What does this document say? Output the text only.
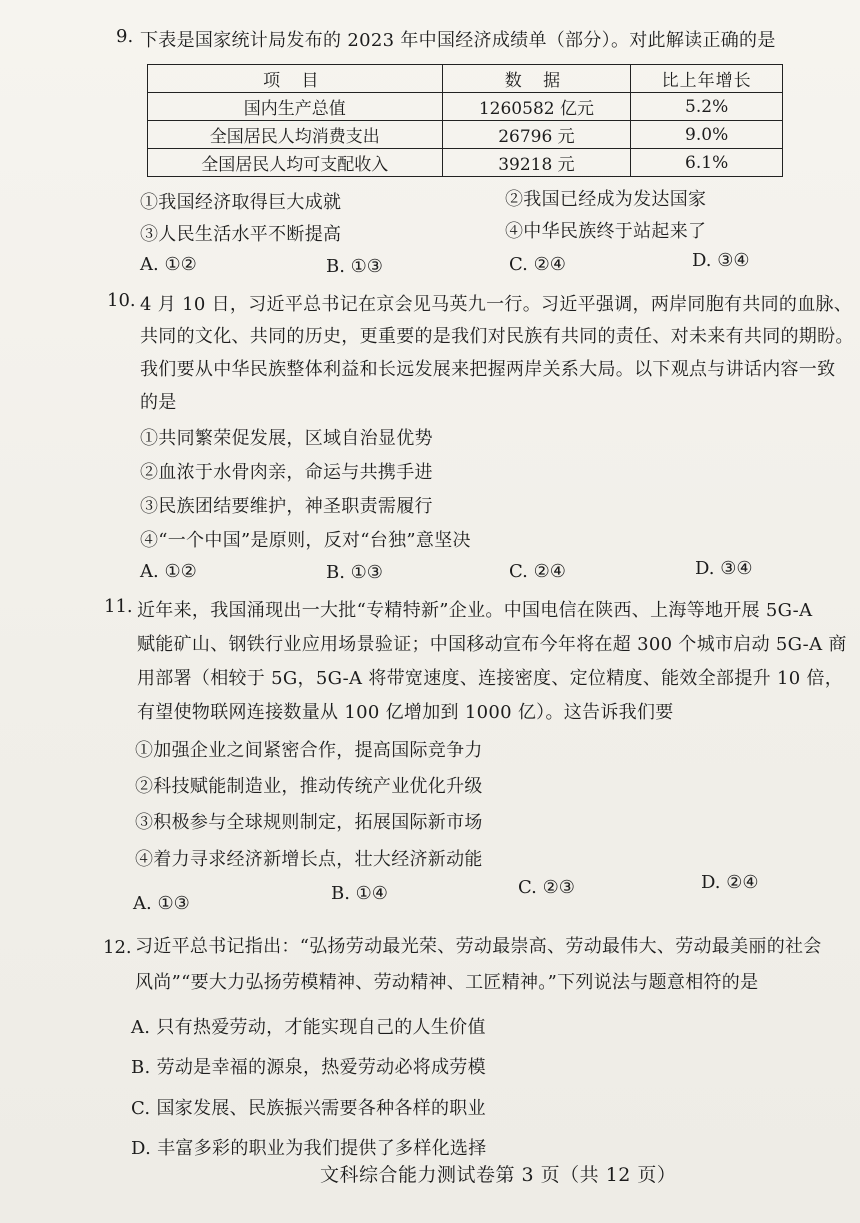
9. 下表是国家统计局发布的 2023 年中国经济成绩单（部分）。对此解读正确的是
项 目	数 据	比上年增长
国内生产总值	1260582 亿元	5.2%
全国居民人均消费支出	26796 元	9.0%
全国居民人均可支配收入	39218 元	6.1%
①我国经济取得巨大成就	②我国已经成为发达国家
③人民生活水平不断提高	④中华民族终于站起来了
A. ①②	B. ①③	C. ②④	D. ③④
10. 4 月 10 日，习近平总书记在京会见马英九一行。习近平强调，两岸同胞有共同的血脉、
共同的文化、共同的历史，更重要的是我们对民族有共同的责任、对未来有共同的期盼。
我们要从中华民族整体利益和长远发展来把握两岸关系大局。以下观点与讲话内容一致
的是
①共同繁荣促发展，区域自治显优势
②血浓于水骨肉亲，命运与共携手进
③民族团结要维护，神圣职责需履行
④“一个中国”是原则，反对“台独”意坚决
A. ①②	B. ①③	C. ②④	D. ③④
11. 近年来，我国涌现出一大批“专精特新”企业。中国电信在陕西、上海等地开展 5G-A
赋能矿山、钢铁行业应用场景验证；中国移动宣布今年将在超 300 个城市启动 5G-A 商
用部署（相较于 5G，5G-A 将带宽速度、连接密度、定位精度、能效全部提升 10 倍，
有望使物联网连接数量从 100 亿增加到 1000 亿）。这告诉我们要
①加强企业之间紧密合作，提高国际竞争力
②科技赋能制造业，推动传统产业优化升级
③积极参与全球规则制定，拓展国际新市场
④着力寻求经济新增长点，壮大经济新动能
A. ①③	B. ①④	C. ②③	D. ②④
12. 习近平总书记指出：“弘扬劳动最光荣、劳动最崇高、劳动最伟大、劳动最美丽的社会
风尚”“要大力弘扬劳模精神、劳动精神、工匠精神。”下列说法与题意相符的是
A. 只有热爱劳动，才能实现自己的人生价值
B. 劳动是幸福的源泉，热爱劳动必将成劳模
C. 国家发展、民族振兴需要各种各样的职业
D. 丰富多彩的职业为我们提供了多样化选择
文科综合能力测试卷第 3 页（共 12 页）
